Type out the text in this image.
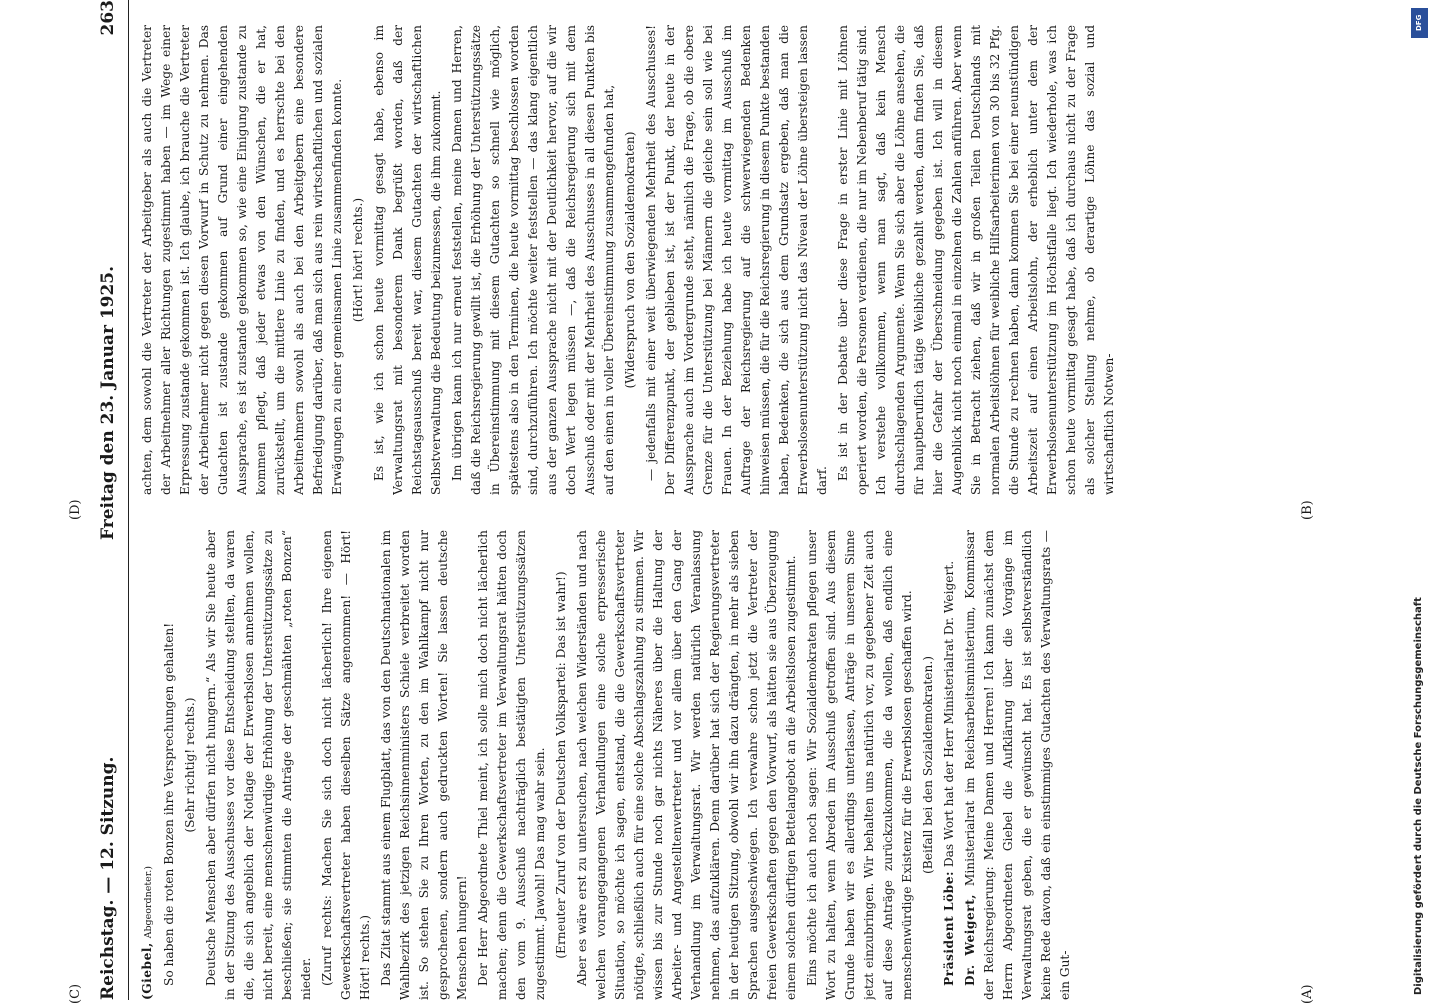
Reichstag. — 12. Sitzung.
Freitag den 23. Januar 1925.
263

(Giebel, Abgeordneter.) So haben die roten Bonzen ihre Versprechungen gehalten! (Sehr richtig! rechts.) Deutsche Menschen aber dürfen nicht hungern.“ Als wir Sie heute aber in der Sitzung des Ausschusses vor diese Entscheidung stellten, da waren die, die sich angeblich der Notlage der Erwerbslosen annehmen wollen, nicht bereit, eine menschenwürdige Erhöhung der Unterstützungssätze zu beschließen; sie stimmten die Anträge der geschmähten „roten Bonzen“ nieder. (Zuruf rechts: Machen Sie sich doch nicht lächerlich! Ihre eigenen Gewerkschaftsvertreter haben dieselben Sätze angenommen! — Hört! Hört! rechts.) Das Zitat stammt aus einem Flugblatt, das von den Deutschnationalen im Wahlbezirk des jetzigen Reichsinnenministers Schiele verbreitet worden ist. So stehen Sie zu Ihren Worten, zu den im Wahlkampf nicht nur gesprochenen, sondern auch gedruckten Worten! Sie lassen deutsche Menschen hungern! Der Herr Abgeordnete Thiel meint, ich solle mich doch nicht lächerlich machen; denn die Gewerkschaftsvertreter im Verwaltungsrat hätten doch den vom 9. Ausschuß nachträglich bestätigten Unterstützungssätzen zugestimmt. Jawohl! Das mag wahr sein. (Erneuter Zuruf von der Deutschen Volkspartei: Das ist wahr!) Aber es wäre erst zu untersuchen, nach welchen Widerständen und nach welchen vorangegangenen Verhandlungen eine solche erpresserische Situation, so möchte ich sagen, entstand, die die Gewerkschaftsvertreter nötigte, schließlich auch für eine solche Abschlagszahlung zu stimmen. Wir wissen bis zur Stunde noch gar nichts Näheres über die Haltung der Arbeiter- und Angestelltenvertreter und vor allem über den Gang der Verhandlung im Verwaltungsrat. Wir werden natürlich Veranlassung nehmen, das aufzuklären. Denn darüber hat sich der Regierungsvertreter in der heutigen Sitzung, obwohl wir ihn dazu drängten, in mehr als sieben Sprachen ausgeschwiegen. Ich verwahre schon jetzt die Vertreter der freien Gewerkschaften gegen den Vorwurf, als hätten sie aus Überzeugung einem solchen dürftigen Bettelangebot an die Arbeitslosen zugestimmt. Eins möchte ich auch noch sagen: Wir Sozialdemokraten pflegen unser Wort zu halten, wenn Abreden im Ausschuß getroffen sind. Aus diesem Grunde haben wir es allerdings unterlassen, Anträge in unserem Sinne jetzt einzubringen. Wir behalten uns natürlich vor, zu gegebener Zeit auch auf diese Anträge zurückzukommen, die da wollen, daß endlich eine menschenwürdige Existenz für die Erwerbslosen geschaffen wird. (Beifall bei den Sozialdemokraten.)

Präsident Löbe: Das Wort hat der Herr Ministerialrat Dr. Weigert.

Dr. Weigert, Ministerialrat im Reichsarbeitsministerium, Kommissar der Reichsregierung: Meine Damen und Herren! Ich kann zunächst dem Herrn Abgeordneten Giebel die Aufklärung über die Vorgänge im Verwaltungsrat geben, die er gewünscht hat. Es ist selbstverständlich keine Rede davon, daß ein einstimmiges Gutachten des Verwaltungsrats — ein Gut-

achten, dem sowohl die Vertreter der Arbeitgeber als auch die Vertreter der Arbeitnehmer aller Richtungen zugestimmt haben — im Wege einer Erpressung zustande gekommen ist. Ich glaube, ich brauche die Vertreter der Arbeitnehmer nicht gegen diesen Vorwurf in Schutz zu nehmen. Das Gutachten ist zustande gekommen auf Grund einer eingehenden Aussprache, es ist zustande gekommen so, wie eine Einigung zustande zu kommen pflegt, daß jeder etwas von den Wünschen, die er hat, zurückstellt, um die mittlere Linie zu finden, und es herrschte bei den Arbeitnehmern sowohl als auch bei den Arbeitgebern eine besondere Befriedigung darüber, daß man sich aus rein wirtschaftlichen und sozialen Erwägungen zu einer gemeinsamen Linie zusammenfinden konnte. (Hört! hört! rechts.) Es ist, wie ich schon heute vormittag gesagt habe, ebenso im Verwaltungsrat mit besonderem Dank begrüßt worden, daß der Reichstagsausschuß bereit war, diesem Gutachten der wirtschaftlichen Selbstverwaltung die Bedeutung beizumessen, die ihm zukommt. Im übrigen kann ich nur erneut feststellen, meine Damen und Herren, daß die Reichsregierung gewillt ist, die Erhöhung der Unterstützungssätze in Übereinstimmung mit diesem Gutachten so schnell wie möglich, spätestens also in den Terminen, die heute vormittag beschlossen worden sind, durchzuführen. Ich möchte weiter feststellen — das klang eigentlich aus der ganzen Aussprache nicht mit der Deutlichkeit hervor, auf die wir doch Wert legen müssen —, daß die Reichsregierung sich mit dem Ausschuß oder mit der Mehrheit des Ausschusses in all diesen Punkten bis auf den einen in voller Übereinstimmung zusammengefunden hat, (Widerspruch von den Sozialdemokraten) — jedenfalls mit einer weit überwiegenden Mehrheit des Ausschusses! Der Differenzpunkt, der geblieben ist, ist der Punkt, der heute in der Aussprache auch im Vordergrunde steht, nämlich die Frage, ob die obere Grenze für die Unterstützung bei Männern die gleiche sein soll wie bei Frauen. In der Beziehung habe ich heute vormittag im Ausschuß im Auftrage der Reichsregierung auf die schwerwiegenden Bedenken hinweisen müssen, die für die Reichsregierung in diesem Punkte bestanden haben, Bedenken, die sich aus dem Grundsatz ergeben, daß man die Erwerbslosenunterstützung nicht das Niveau der Löhne übersteigen lassen darf. Es ist in der Debatte über diese Frage in erster Linie mit Löhnen operiert worden, die Personen verdienen, die nur im Nebenberuf tätig sind. Ich verstehe vollkommen, wenn man sagt, daß kein Mensch durchschlagenden Argumente. Wenn Sie sich aber die Löhne ansehen, die für hauptberuflich tätige Weibliche gezahlt werden, dann finden Sie, daß hier die Gefahr der Überschneidung gegeben ist. Ich will in diesem Augenblick nicht noch einmal in einzelnen die Zahlen anführen. Aber wenn Sie in Betracht ziehen, daß wir in großen Teilen Deutschlands mit normalen Arbeitslöhnen für weibliche Hilfsarbeiterinnen von 30 bis 32 Pfg. die Stunde zu rechnen haben, dann kommen Sie bei einer neunstündigen Arbeitszeit auf einen Arbeitslohn, der erheblich unter dem der Erwerbslosenunterstützung im Höchstfalle liegt. Ich wiederhole, was ich schon heute vormittag gesagt habe, daß ich durchaus nicht zu der Frage als solcher Stellung nehme, ob derartige Löhne das sozial und wirtschaftlich Notwen-

(A)
(B)
(C)
(D)
Digitalisierung gefördert durch die Deutsche Forschungsgemeinschaft
DFG
